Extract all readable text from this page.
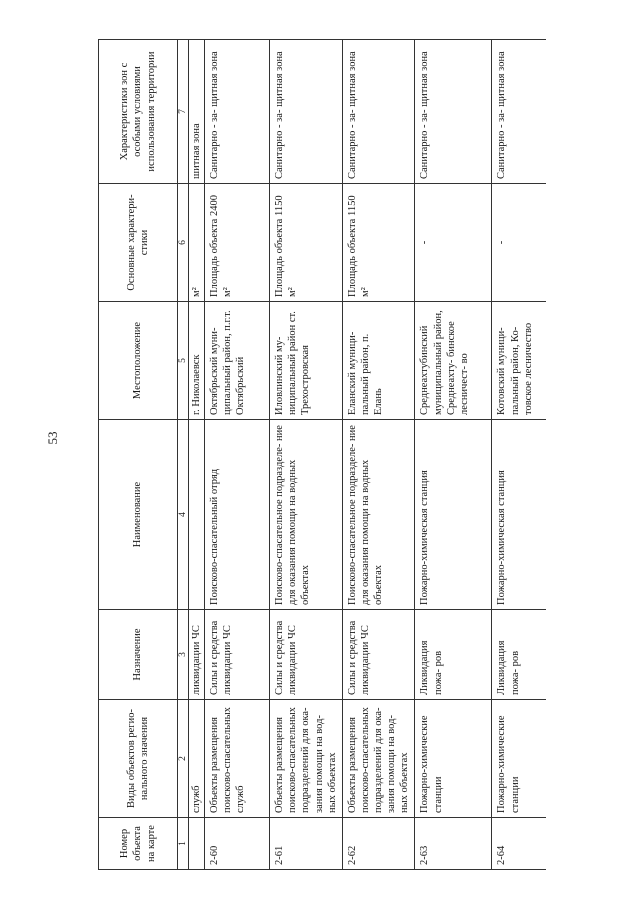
53
Номер объекта на карте	Виды объектов регио- нального значения	Назначение	Наименование	Местоположение	Основные характери- стики	Характеристики зон с особыми условиями использования территории
1	2	3	4	5	6	7
	служб	ликвидации ЧС		г. Николаевск	м²	шитная зона
2-60	Объекты размещения поисково-спасательных служб	Силы и средства ликвидации ЧС	Поисково-спасательный отряд	Октябрьский муни- ципальный район, п.г.т. Октябрьский	Площадь объекта 2400 м²	Санитарно - за- щитная зона
2-61	Объекты размещения поисково-спасательных подразделений для ока- зания помощи на вод- ных объектах	Силы и средства ликвидации ЧС	Поисково-спасательное подразделе- ние для оказания помощи на водных объектах	Иловлинский му- ниципальный район ст. Трехостровская	Площадь объекта 1150 м²	Санитарно - за- щитная зона
2-62	Объекты размещения поисково-спасательных подразделений для ока- зания помощи на вод- ных объектах	Силы и средства ликвидации ЧС	Поисково-спасательное подразделе- ние для оказания помощи на водных объектах	Еланский муници- пальный район, п. Елань	Площадь объекта 1150 м²	Санитарно - за- щитная зона
2-63	Пожарно-химические станции	Ликвидация пожа- ров	Пожарно-химическая станция	Среднеахтубинский муниципальный район, Среднеахту- бинское лесничест- во	-	Санитарно - за- щитная зона
2-64	Пожарно-химические станции	Ликвидация пожа- ров	Пожарно-химическая станция	Котовский муници- пальный район, Ко- товское лесничество	-	Санитарно - за- щитная зона
